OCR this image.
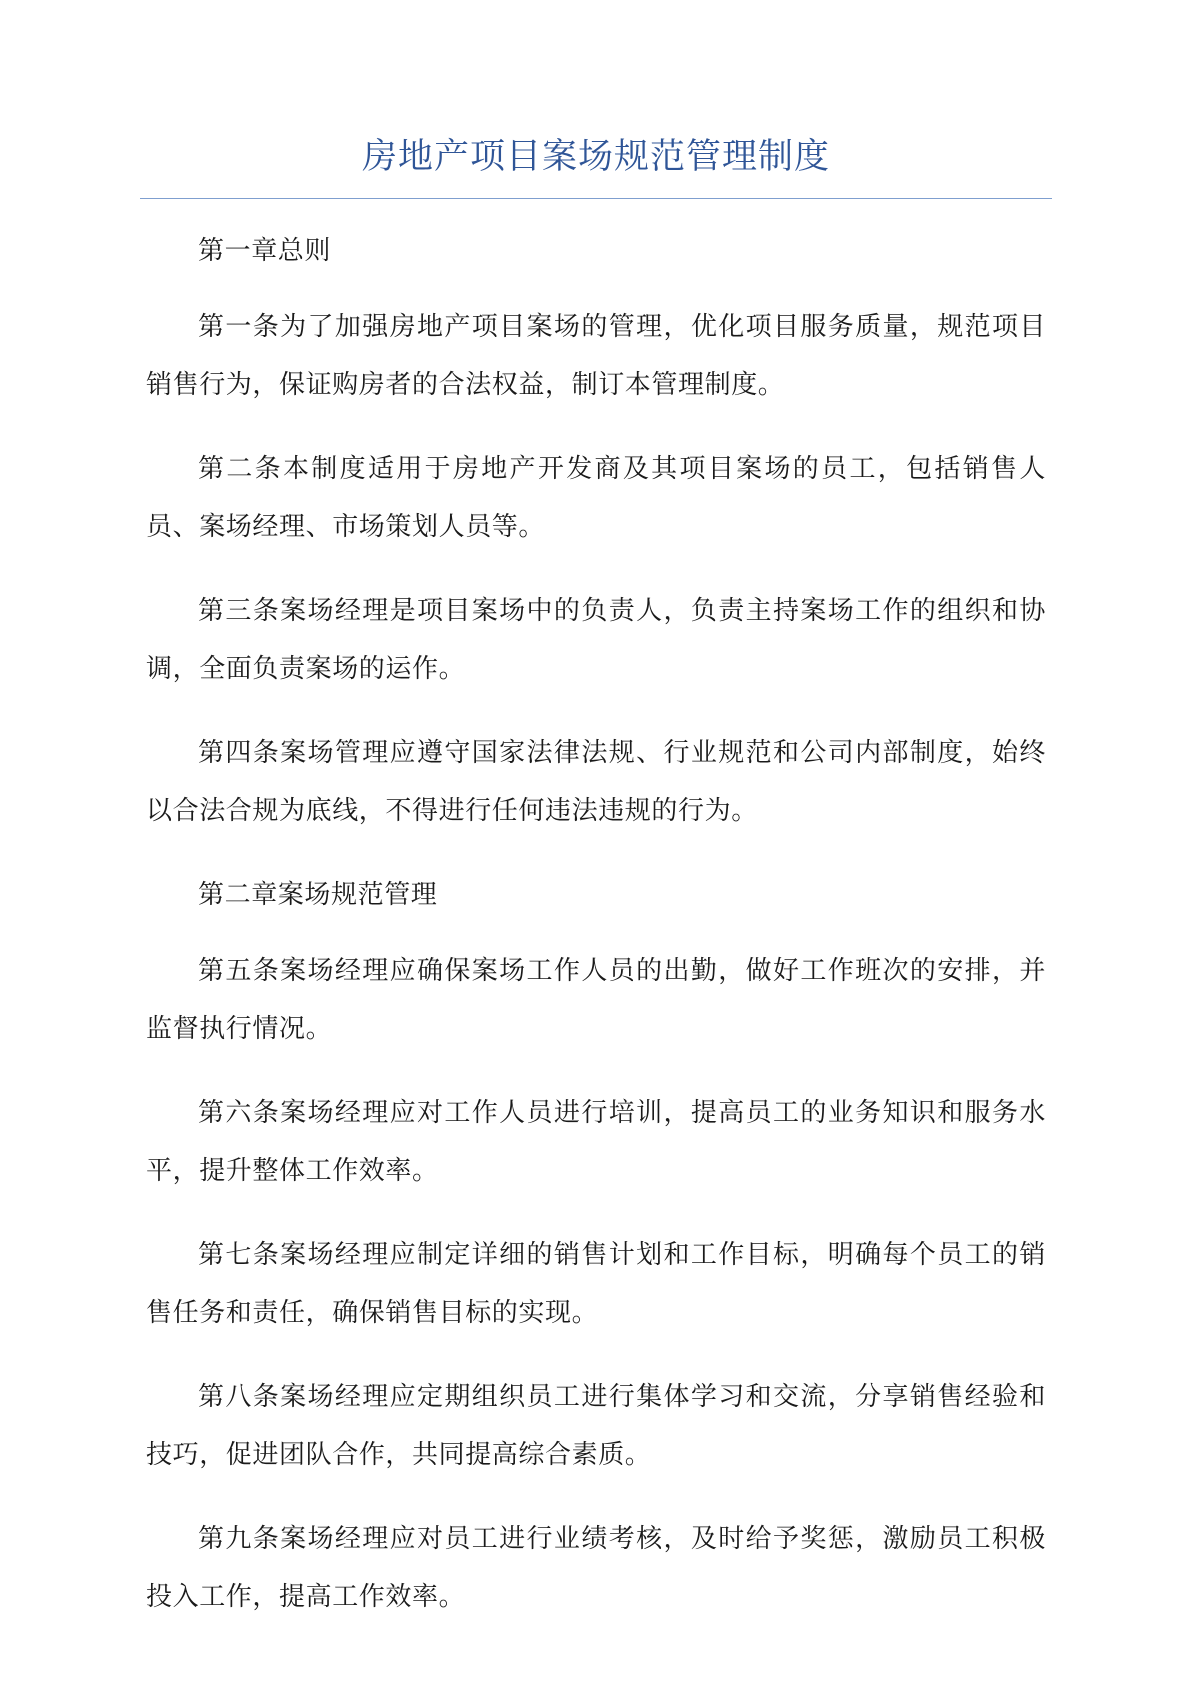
房地产项目案场规范管理制度

第一章总则

第一条为了加强房地产项目案场的管理，优化项目服务质量，规范项目销售行为，保证购房者的合法权益，制订本管理制度。

第二条本制度适用于房地产开发商及其项目案场的员工，包括销售人员、案场经理、市场策划人员等。

第三条案场经理是项目案场中的负责人，负责主持案场工作的组织和协调，全面负责案场的运作。

第四条案场管理应遵守国家法律法规、行业规范和公司内部制度，始终以合法合规为底线，不得进行任何违法违规的行为。

第二章案场规范管理

第五条案场经理应确保案场工作人员的出勤，做好工作班次的安排，并监督执行情况。

第六条案场经理应对工作人员进行培训，提高员工的业务知识和服务水平，提升整体工作效率。

第七条案场经理应制定详细的销售计划和工作目标，明确每个员工的销售任务和责任，确保销售目标的实现。

第八条案场经理应定期组织员工进行集体学习和交流，分享销售经验和技巧，促进团队合作，共同提高综合素质。

第九条案场经理应对员工进行业绩考核，及时给予奖惩，激励员工积极投入工作，提高工作效率。
